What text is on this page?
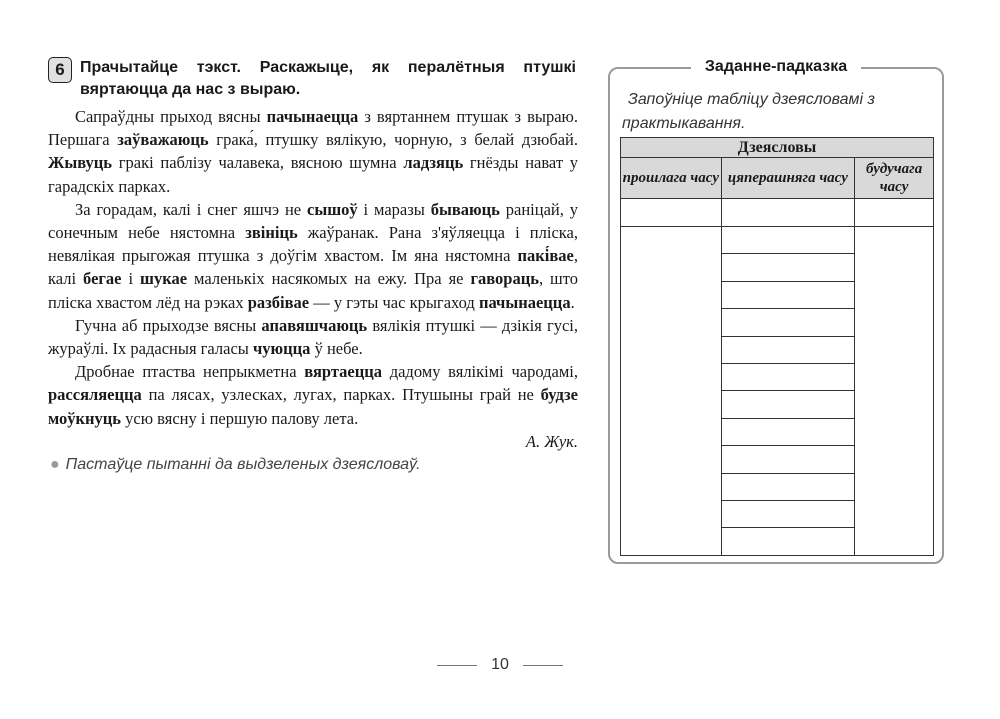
6 Прачытайце тэкст. Раскажыце, як пералётныя птушкі вяртаюцца да нас з выраю.

Сапраўдны прыход вясны пачынаецца з вяртаннем птушак з выраю. Першага заўважаюць грака́, птушку вялікую, чорную, з белай дзюбай. Жывуць гракі паблізу чалавека, вясною шумна ладзяць гнёзды нават у гарадскіх парках.

За горадам, калі і снег яшчэ не сышоў і маразы бываюць раніцай, у сонечным небе нястомна звініць жаўранак. Рана з'яўляецца і пліска, невялікая прыгожая птушка з доўгім хвастом. Ім яна нястомна пакі́вае, калі бегае і шукае маленькіх насякомых на ежу. Пра яе гавораць, што пліска хвастом лёд на рэках разбівае — у гэты час крыгаход пачынаецца.

Гучна аб прыходзе вясны апавяшчаюць вялікія птушкі — дзікія гусі, жураўлі. Іх радасныя галасы чуюцца ў небе.

Дробнае птаства непрыкметна вяртаецца дадому вялікімі чародамі, рассяляецца па лясах, узлесках, лугах, парках. Птушыны грай не будзе моўкнуць усю вясну і першую палову лета.

А. Жук.

● Пастаўце пытанні да выдзеленых дзеясловаў.
Заданне-падказка
Запоўніце табліцу дзеясловамі з практыкавання.
Дзеясловы
прошлага часу	цяперашняга часу	будучага часу

10
